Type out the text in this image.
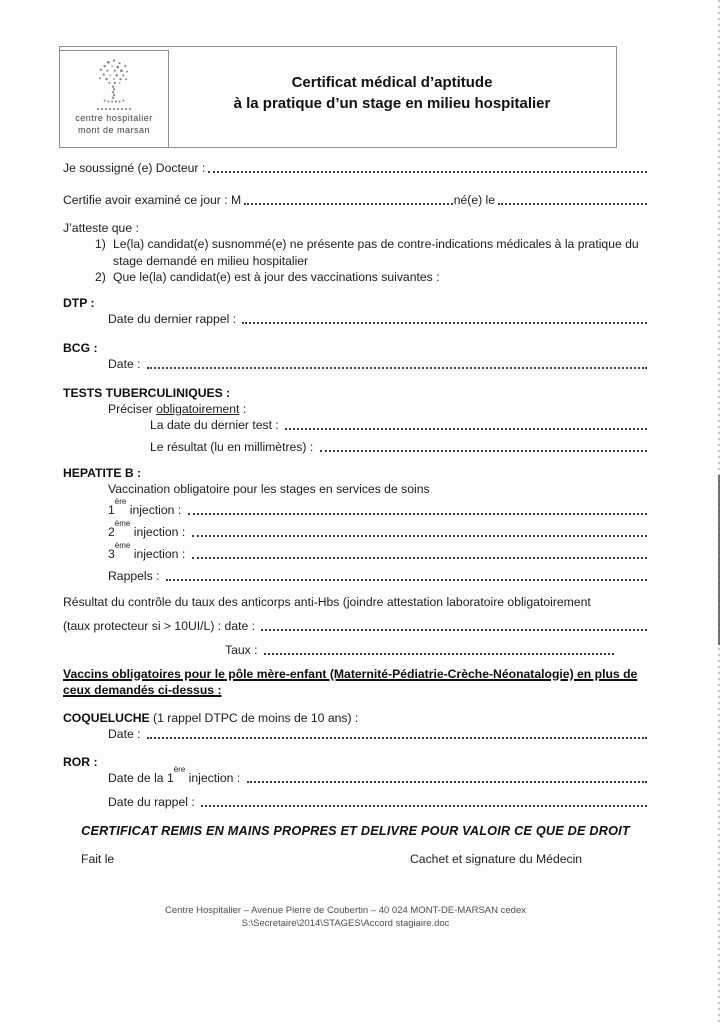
centre hospitalier
mont de marsan
Certificat médical d’aptitude
à la pratique d’un stage en milieu hospitalier
Je soussigné (e) Docteur :
Certifie avoir examiné ce jour : M	né(e) le
J’atteste que :
1) Le(la) candidat(e) susnommé(e) ne présente pas de contre-indications médicales à la pratique du stage demandé en milieu hospitalier
2) Que le(la) candidat(e) est à jour des vaccinations suivantes :
DTP :
Date du dernier rappel :
BCG :
Date :
TESTS TUBERCULINIQUES :
Préciser obligatoirement :
La date du dernier test :
Le résultat (lu en millimètres) :
HEPATITE B :
Vaccination obligatoire pour les stages en services de soins
1ère injection :
2ème injection :
3ème injection :
Rappels :
Résultat du contrôle du taux des anticorps anti-Hbs (joindre attestation laboratoire obligatoirement
(taux protecteur si > 10UI/L) : date :
Taux :
Vaccins obligatoires pour le pôle mère-enfant (Maternité-Pédiatrie-Crèche-Néonatalogie) en plus de
ceux demandés ci-dessus :
COQUELUCHE (1 rappel DTPC de moins de 10 ans) :
Date :
ROR :
Date de la 1ère injection :
Date du rappel :
CERTIFICAT REMIS EN MAINS PROPRES ET DELIVRE POUR VALOIR CE QUE DE DROIT
Fait le	Cachet et signature du Médecin
Centre Hospitalier – Avenue Pierre de Coubertin – 40 024 MONT-DE-MARSAN cedex
S:\Secretaire\2014\STAGES\Accord stagiaire.doc
